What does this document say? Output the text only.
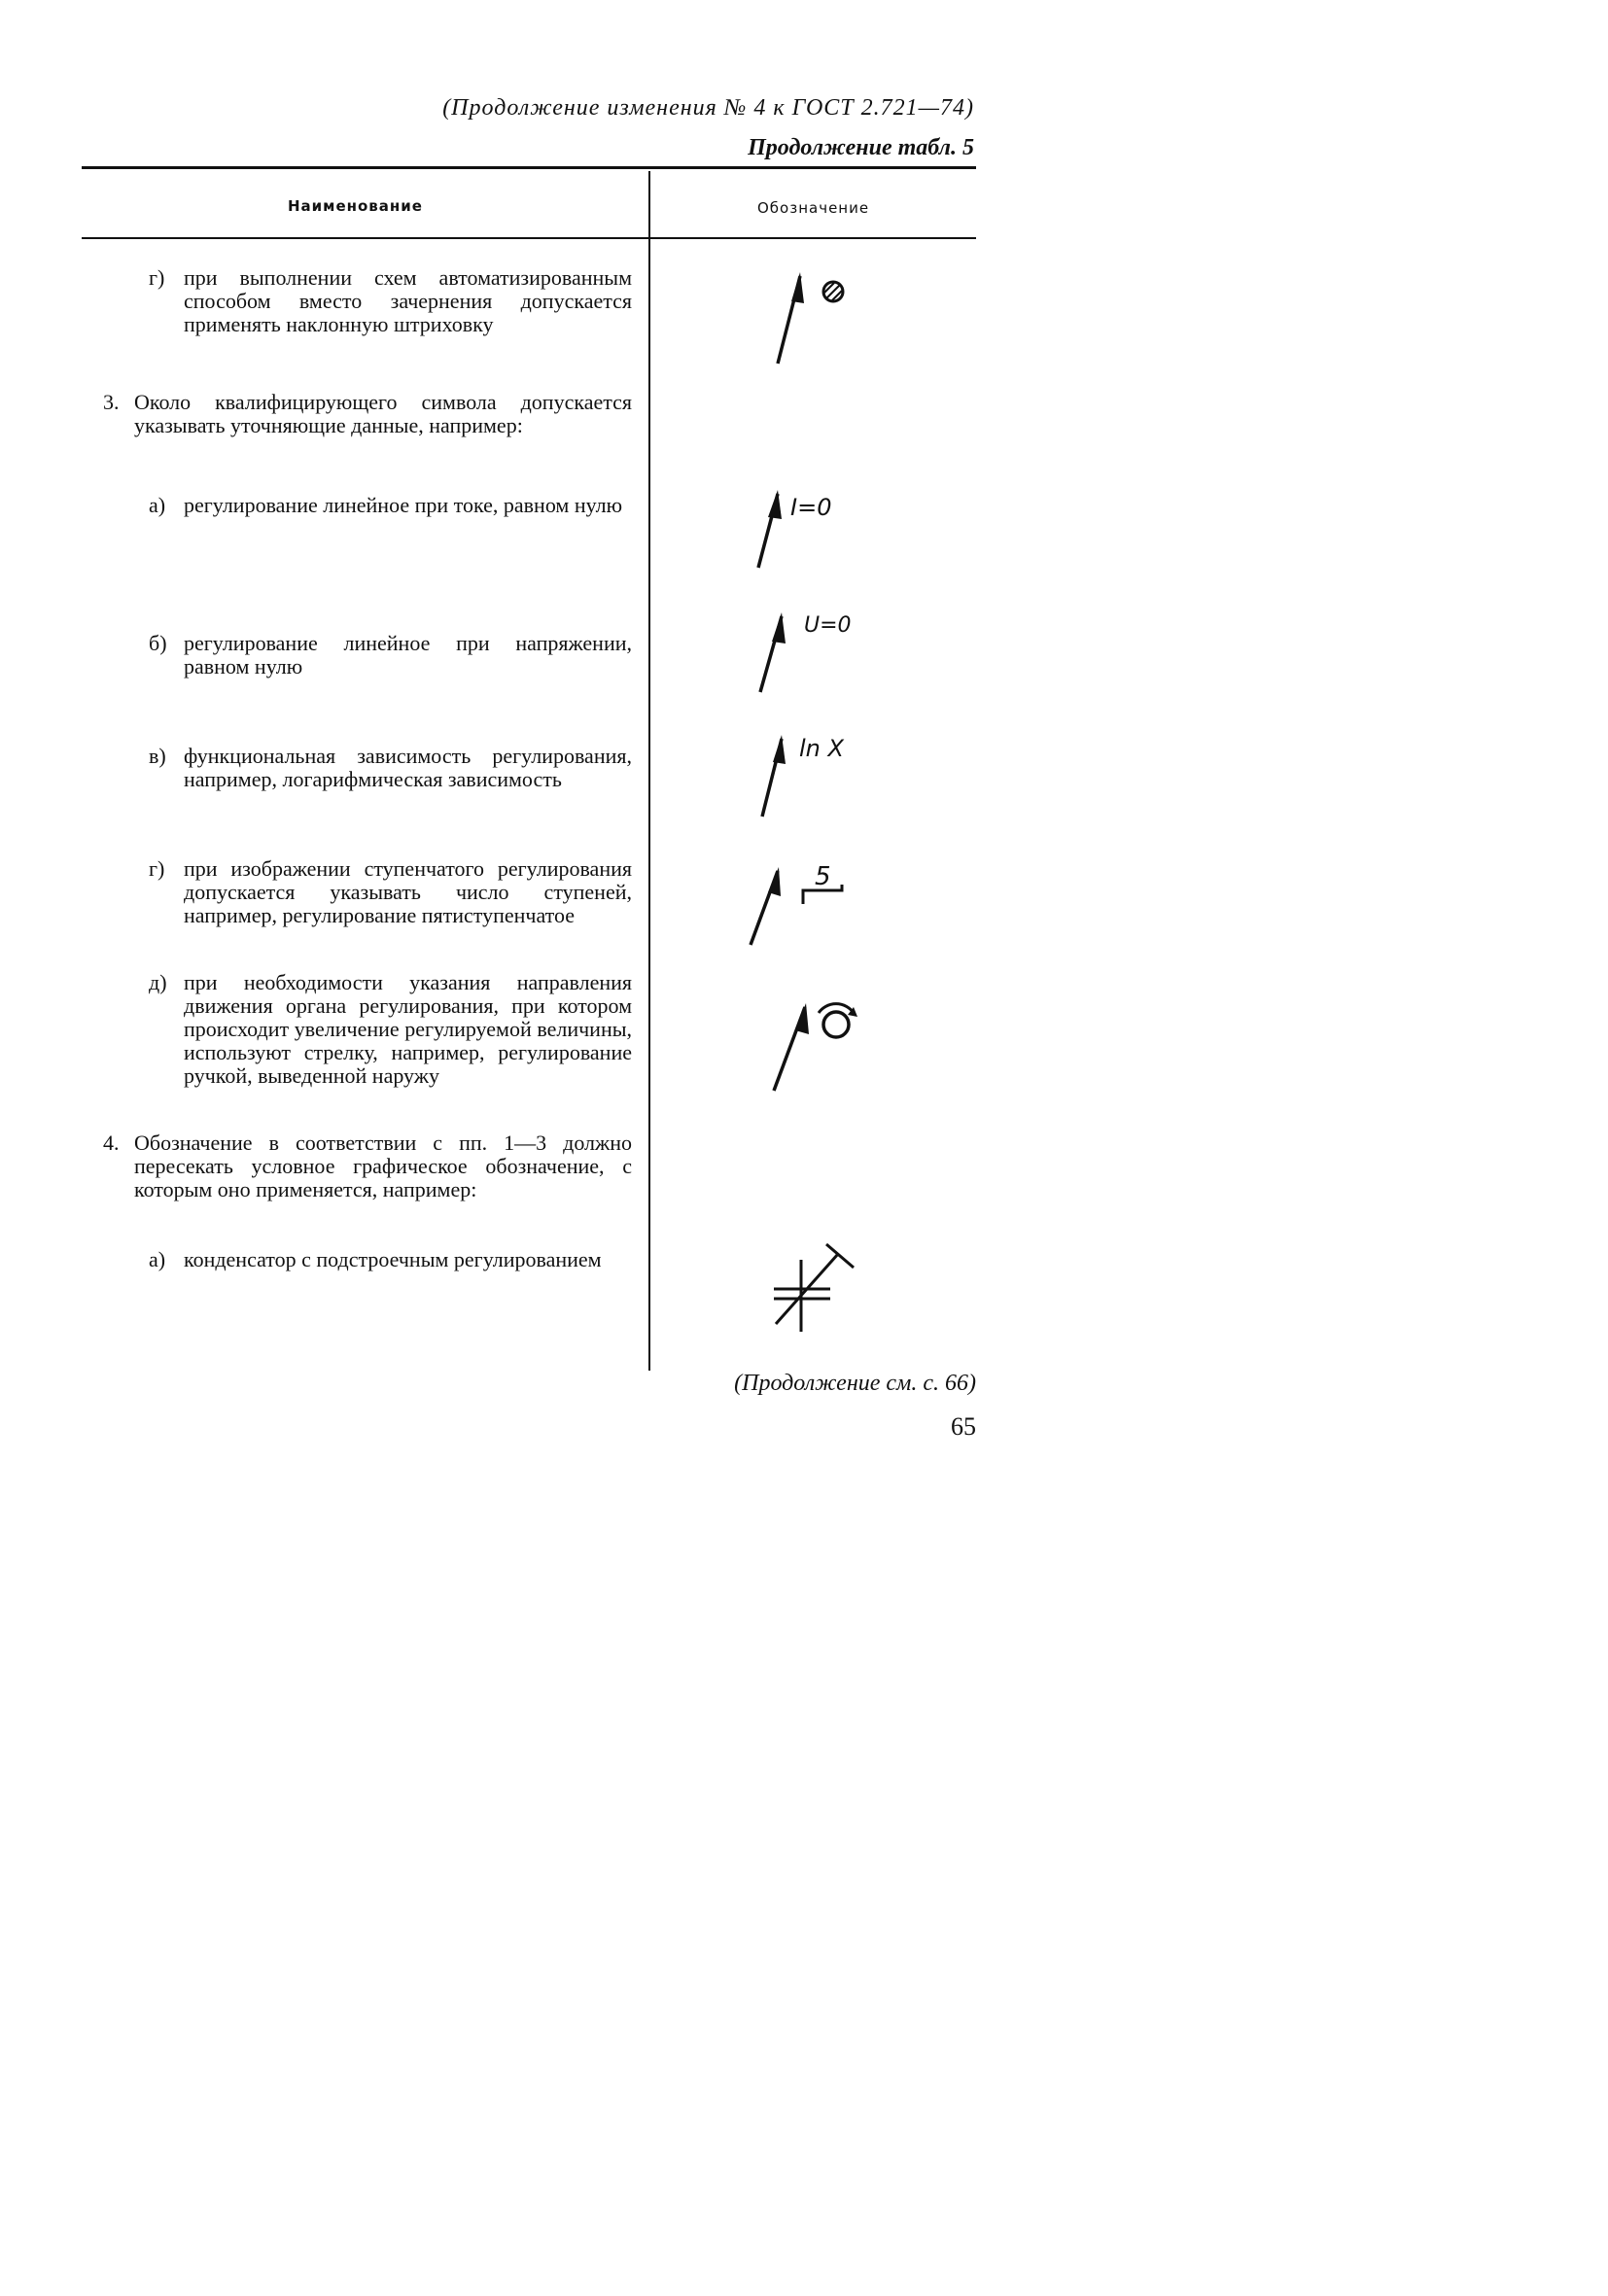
(Продолжение изменения № 4 к ГОСТ 2.721—74)
Продолжение табл. 5
Наименование	Обозначение
г) при выполнении схем автоматизированным способом вместо зачернения допускается применять наклонную штриховку
3. Около квалифицирующего символа допускается указывать уточняющие данные, например:
а) регулирование линейное при токе, равном нулю
б) регулирование линейное при напряжении, равном нулю
в) функциональная зависимость регулирования, например, логарифмическая зависимость
г) при изображении ступенчатого регулирования допускается указывать число ступеней, например, регулирование пятиступенчатое
д) при необходимости указания направления движения органа регулирования, при котором происходит увеличение регулируемой величины, используют стрелку, например, регулирование ручкой, выведенной наружу
4. Обозначение в соответствии с пп. 1—3 должно пересекать условное графическое обозначение, с которым оно применяется, например:
а) конденсатор с подстроечным регулированием
I=0
U=0
ln X
5
(Продолжение см. с. 66)
65
